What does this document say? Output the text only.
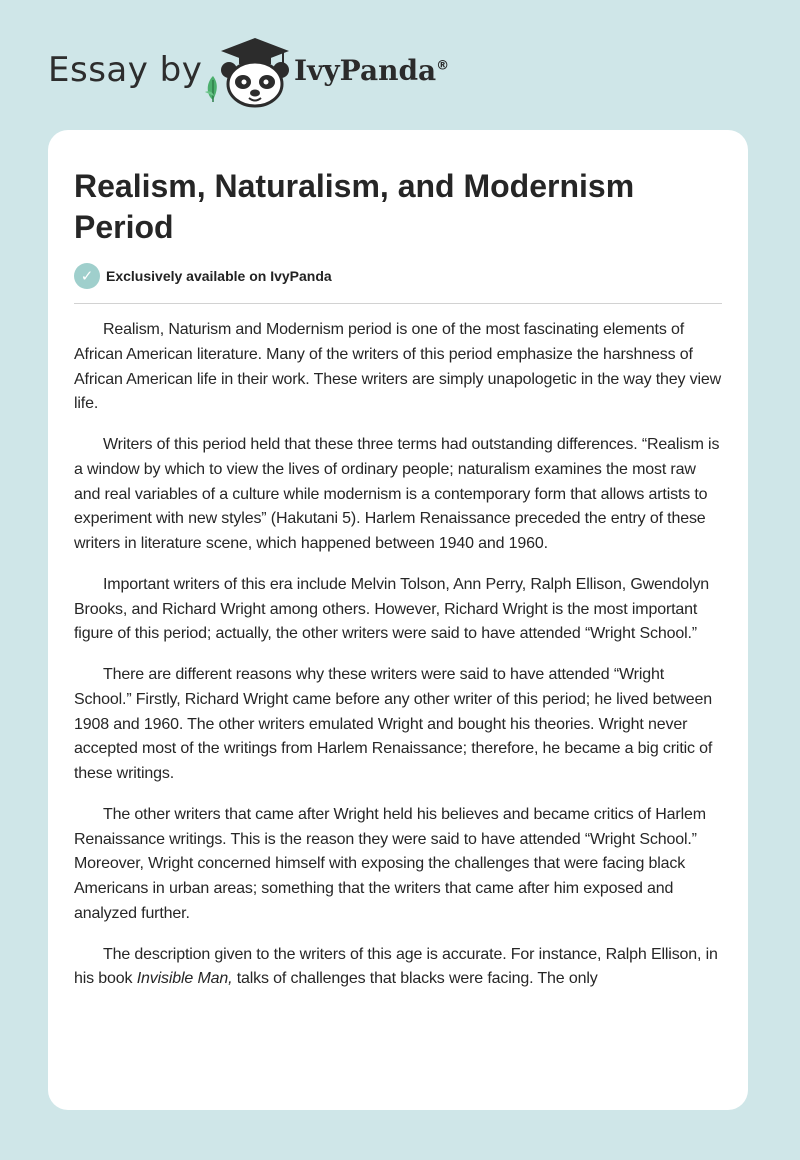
Essay by	IvyPanda®
Realism, Naturalism, and Modernism Period
✓ Exclusively available on IvyPanda

Realism, Naturism and Modernism period is one of the most fascinating elements of African American literature. Many of the writers of this period emphasize the harshness of African American life in their work. These writers are simply unapologetic in the way they view life.

Writers of this period held that these three terms had outstanding differences. “Realism is a window by which to view the lives of ordinary people; naturalism examines the most raw and real variables of a culture while modernism is a contemporary form that allows artists to experiment with new styles” (Hakutani 5). Harlem Renaissance preceded the entry of these writers in literature scene, which happened between 1940 and 1960.

Important writers of this era include Melvin Tolson, Ann Perry, Ralph Ellison, Gwendolyn Brooks, and Richard Wright among others. However, Richard Wright is the most important figure of this period; actually, the other writers were said to have attended “Wright School.”

There are different reasons why these writers were said to have attended “Wright School.” Firstly, Richard Wright came before any other writer of this period; he lived between 1908 and 1960. The other writers emulated Wright and bought his theories. Wright never accepted most of the writings from Harlem Renaissance; therefore, he became a big critic of these writings.

The other writers that came after Wright held his believes and became critics of Harlem Renaissance writings. This is the reason they were said to have attended “Wright School.” Moreover, Wright concerned himself with exposing the challenges that were facing black Americans in urban areas; something that the writers that came after him exposed and analyzed further.

The description given to the writers of this age is accurate. For instance, Ralph Ellison, in his book Invisible Man, talks of challenges that blacks were facing. The only
